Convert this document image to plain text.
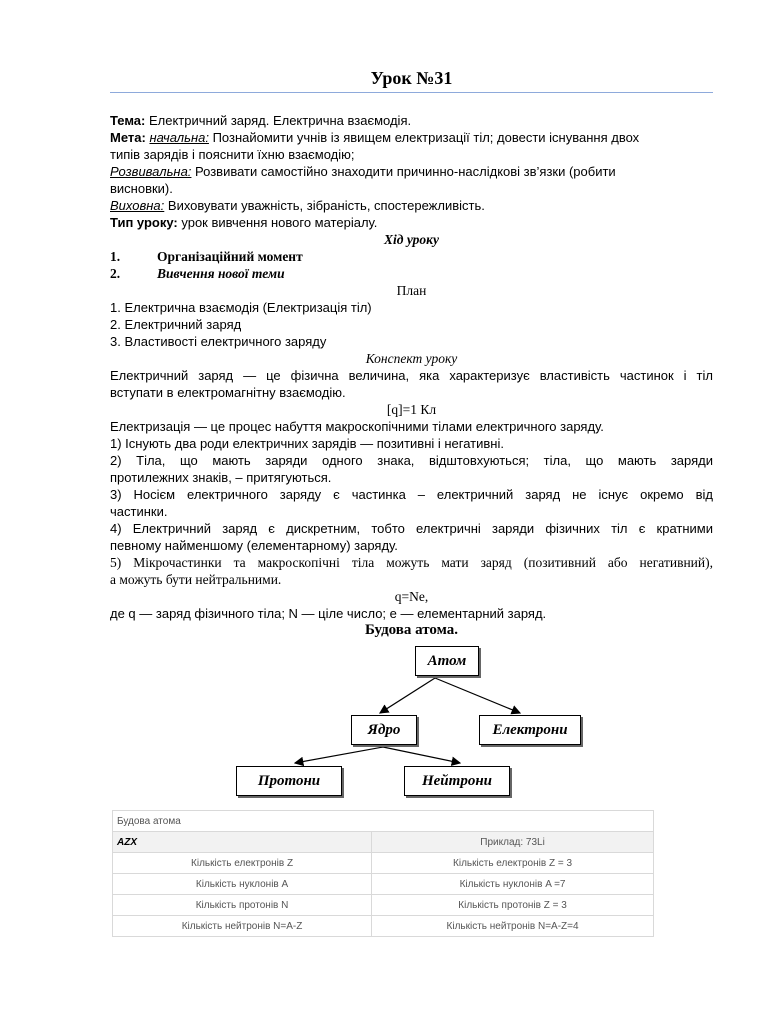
Урок №31
Тема: Електричний заряд. Електрична взаємодія.
Мета: начальна: Познайомити учнів із явищем електризації тіл; довести існування двох
типів зарядів і пояснити їхню взаємодію;
Розвивальна: Розвивати самостійно знаходити причинно-наслідкові зв’язки (робити
висновки).
Виховна: Виховувати уважність, зібраність, спостережливість.
Тип уроку: урок вивчення нового матеріалу.
Хід уроку
1.	Організаційний момент
2.	Вивчення нової теми
План
1. Електрична взаємодія (Електризація тіл)
2. Електричний заряд
3. Властивості електричного заряду
Конспект уроку
Електричний заряд — це фізична величина, яка характеризує властивість частинок і тіл
вступати в електромагнітну взаємодію.
[q]=1 Кл
Електризація — це процес набуття макроскопічними тілами електричного заряду.
1) Існують два роди електричних зарядів — позитивні і негативні.
2) Тіла, що мають заряди одного знака, відштовхуються; тіла, що мають заряди
протилежних знаків, – притягуються.
3) Носієм електричного заряду є частинка – електричний заряд не існує окремо від
частинки.
4) Електричний заряд є дискретним, тобто електричні заряди фізичних тіл є кратними
певному найменшому (елементарному) заряду.
5) Мікрочастинки та макроскопічні тіла можуть мати заряд (позитивний або негативний),
а можуть бути нейтральними.
q=Ne,
де q — заряд фізичного тіла; N — ціле число; e — елементарний заряд.
Будова атома.
Атом
Ядро	Електрони
Протони	Нейтрони
Будова атома	
AZX	Приклад: 73Li
Кількість електронів Z	Кількість електронів Z = 3
Кількість нуклонів A	Кількість нуклонів A =7
Кількість протонів N	Кількість протонів Z = 3
Кількість нейтронів N=A-Z	Кількість нейтронів N=A-Z=4
